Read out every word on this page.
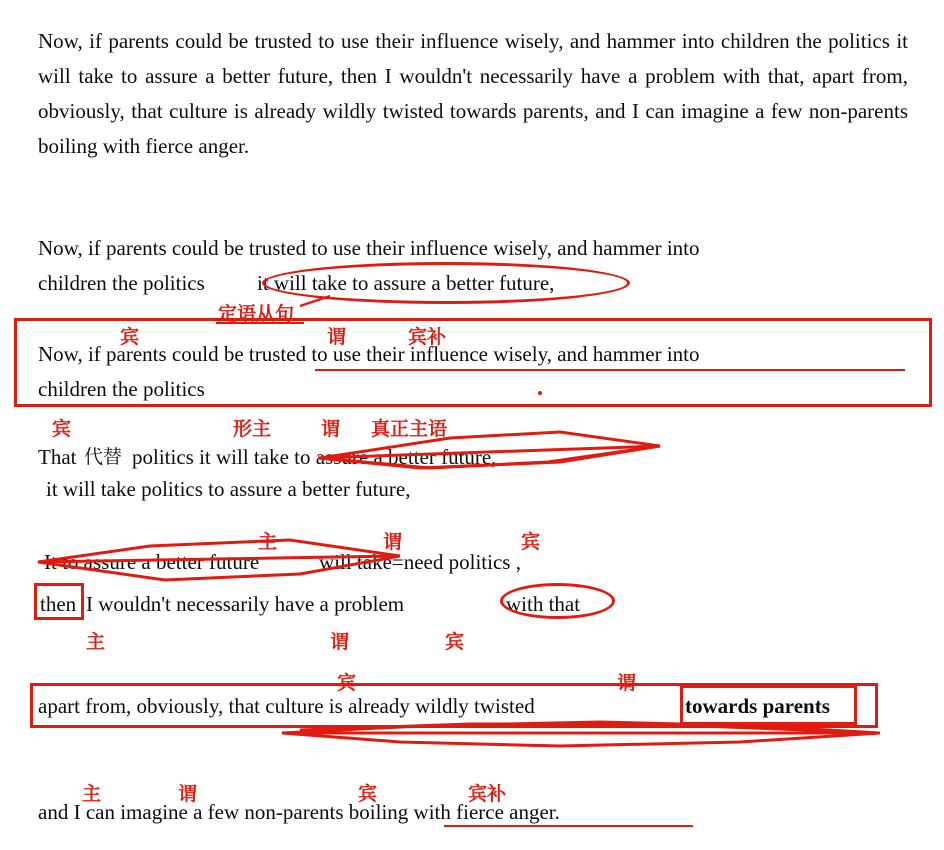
Now, if parents could be trusted to use their influence wisely, and hammer into children the politics it will take to assure a better future, then I wouldn't necessarily have a problem with that, apart from, obviously, that culture is already wildly twisted towards parents, and I can imagine a few non-parents boiling with fierce anger.
Now, if parents could be trusted to use their influence wisely, and hammer into
children the politics it will take to assure a better future,
定语从句
宾	谓	宾补
Now, if parents could be trusted to use their influence wisely, and hammer into
children the politics
宾	形主	谓 真正主语
That 代替 politics it will take to assure a better future,
it will take politics to assure a better future,
主	谓	宾
It to assure a better future	will take=need politics ,
then I wouldn't necessarily have a problem	with that
主	谓	宾
宾	谓
apart from, obviously, that culture is already wildly twisted	towards parents
主	谓	宾	宾补
and I can imagine a few non-parents boiling with fierce anger.
